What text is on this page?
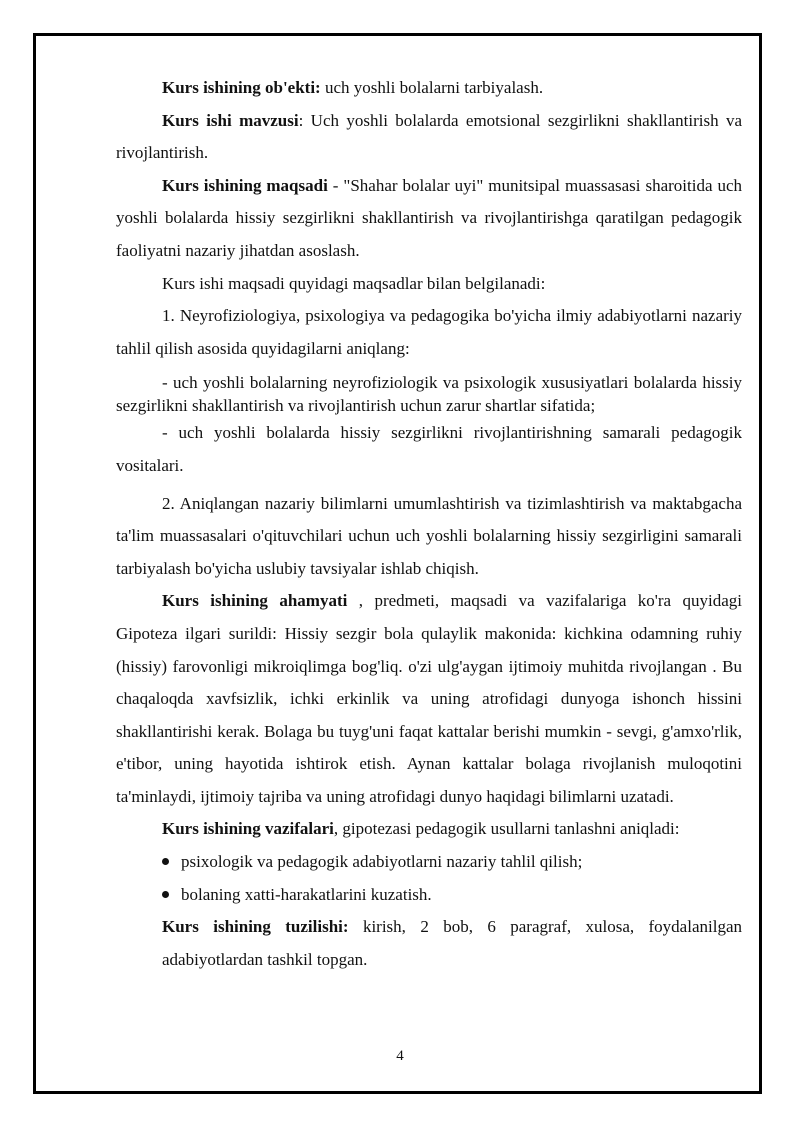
Kurs ishining ob'ekti: uch yoshli bolalarni tarbiyalash.

Kurs ishi mavzusi: Uch yoshli bolalarda emotsional sezgirlikni shakllantirish va rivojlantirish.

Kurs ishining maqsadi - "Shahar bolalar uyi" munitsipal muassasasi sharoitida uch yoshli bolalarda hissiy sezgirlikni shakllantirish va rivojlantirishga qaratilgan pedagogik faoliyatni nazariy jihatdan asoslash.

Kurs ishi maqsadi quyidagi maqsadlar bilan belgilanadi:

1. Neyrofiziologiya, psixologiya va pedagogika bo'yicha ilmiy adabiyotlarni nazariy tahlil qilish asosida quyidagilarni aniqlang:

- uch yoshli bolalarning neyrofiziologik va psixologik xususiyatlari bolalarda hissiy sezgirlikni shakllantirish va rivojlantirish uchun zarur shartlar sifatida;

- uch yoshli bolalarda hissiy sezgirlikni rivojlantirishning samarali pedagogik vositalari.

2. Aniqlangan nazariy bilimlarni umumlashtirish va tizimlashtirish va maktabgacha ta'lim muassasalari o'qituvchilari uchun uch yoshli bolalarning hissiy sezgirligini samarali tarbiyalash bo'yicha uslubiy tavsiyalar ishlab chiqish.

Kurs ishining ahamyati , predmeti, maqsadi va vazifalariga ko'ra quyidagi Gipoteza ilgari surildi: Hissiy sezgir bola qulaylik makonida: kichkina odamning ruhiy (hissiy) farovonligi mikroiqlimga bog'liq. o'zi ulg'aygan ijtimoiy muhitda rivojlangan . Bu chaqaloqda xavfsizlik, ichki erkinlik va uning atrofidagi dunyoga ishonch hissini shakllantirishi kerak. Bolaga bu tuyg'uni faqat kattalar berishi mumkin - sevgi, g'amxo'rlik, e'tibor, uning hayotida ishtirok etish. Aynan kattalar bolaga rivojlanish muloqotini ta'minlaydi, ijtimoiy tajriba va uning atrofidagi dunyo haqidagi bilimlarni uzatadi.

Kurs ishining vazifalari, gipotezasi pedagogik usullarni tanlashni aniqladi:

psixologik va pedagogik adabiyotlarni nazariy tahlil qilish;
bolaning xatti-harakatlarini kuzatish.

Kurs ishining tuzilishi: kirish, 2 bob, 6 paragraf, xulosa, foydalanilgan adabiyotlardan tashkil topgan.

4
